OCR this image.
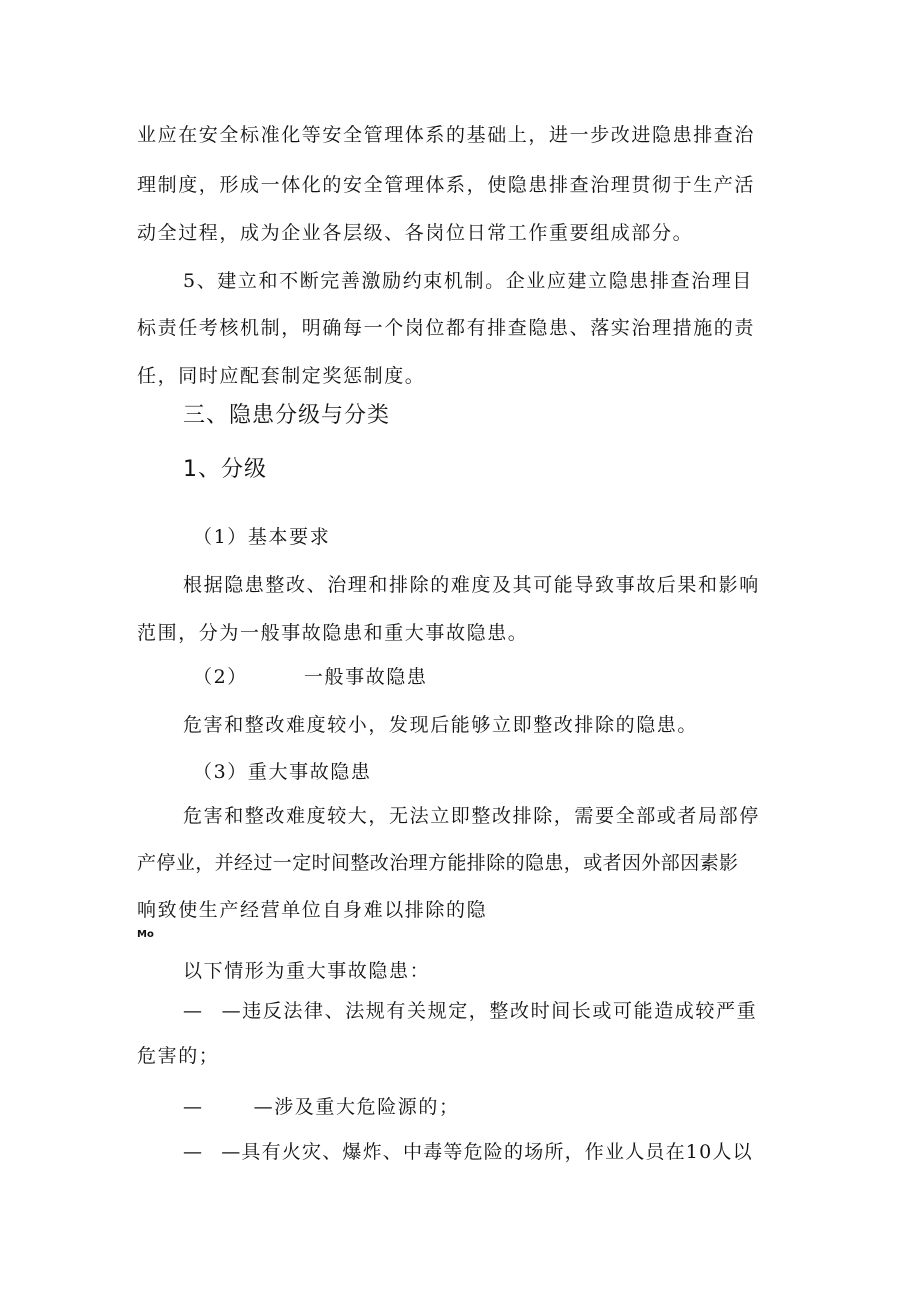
业应在安全标准化等安全管理体系的基础上，进一步改进隐患排查治
理制度，形成一体化的安全管理体系，使隐患排查治理贯彻于生产活
动全过程，成为企业各层级、各岗位日常工作重要组成部分。
5、建立和不断完善激励约束机制。企业应建立隐患排查治理目
标责任考核机制，明确每一个岗位都有排查隐患、落实治理措施的责
任，同时应配套制定奖惩制度。
三、隐患分级与分类
1、分级
（1）基本要求
根据隐患整改、治理和排除的难度及其可能导致事故后果和影响
范围，分为一般事故隐患和重大事故隐患。
（2）	一般事故隐患
危害和整改难度较小，发现后能够立即整改排除的隐患。
（3）重大事故隐患
危害和整改难度较大，无法立即整改排除，需要全部或者局部停
产停业，并经过一定时间整改治理方能排除的隐患，或者因外部因素影
响致使生产经营单位自身难以排除的隐
Mo
以下情形为重大事故隐患：
— —违反法律、法规有关规定，整改时间长或可能造成较严重
危害的；
—	—涉及重大危险源的；
— —具有火灾、爆炸、中毒等危险的场所，作业人员在10人以
